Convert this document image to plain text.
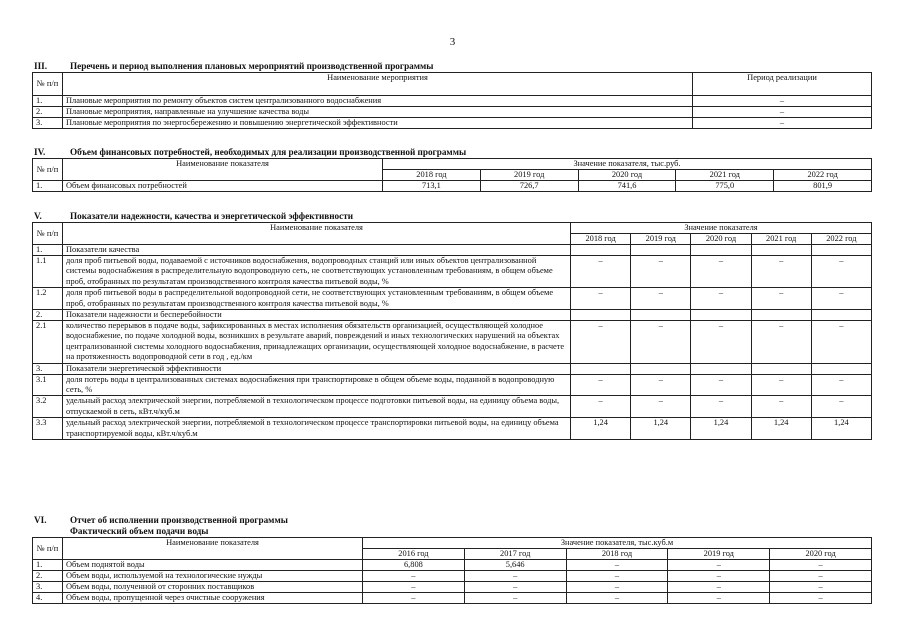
3
III. Перечень и период выполнения плановых мероприятий производственной программы
№ п/п	Наименование мероприятия	Период реализации
1.	Плановые мероприятия по ремонту объектов систем централизованного водоснабжения	–
2.	Плановые мероприятия, направленные на улучшение качества воды	–
3.	Плановые мероприятия по энергосбережению и повышению энергетической эффективности	–
IV.	Объем финансовых потребностей, необходимых для реализации производственной программы
№ п/п	Наименование показателя	Значение показателя, тыс.руб.				
		2018 год	2019 год	2020 год	2021 год	2022 год
1.	Объем финансовых потребностей	713,1	726,7	741,6	775,0	801,9
V.	Показатели надежности, качества и энергетической эффективности
№ п/п	Наименование показателя	Значение показателя				
		2018 год	2019 год	2020 год	2021 год	2022 год
1.	Показатели качества					
1.1	доля проб питьевой воды, подаваемой с источников водоснабжения, водопроводных станций или иных объектов централизованной системы водоснабжения в распределительную водопроводную сеть, не соответствующих установленным требованиям, в общем объеме проб, отобранных по результатам производственного контроля качества питьевой воды, %	–	–	–	–	–
1.2	доля проб питьевой воды в распределительной водопроводной сети, не соответствующих установленным требованиям, в общем объеме проб, отобранных по результатам производственного контроля качества питьевой воды, %	–	–	–	–	–
2.	Показатели надежности и бесперебойности					
2.1	количество перерывов в подаче воды, зафиксированных в местах исполнения обязательств организацией, осуществляющей холодное водоснабжение, по подаче холодной воды, возникших в результате аварий, повреждений и иных технологических нарушений на объектах централизованной системы холодного водоснабжения, принадлежащих организации, осуществляющей холодное водоснабжение, в расчете на протяженность водопроводной сети в год , ед./км	–	–	–	–	–
3.	Показатели энергетической эффективности					
3.1	доля потерь воды в централизованных системах водоснабжения при транспортировке в общем объеме воды, поданной в водопроводную сеть, %	–	–	–	–	–
3.2	удельный расход электрической энергии, потребляемой в технологическом процессе подготовки питьевой воды, на единицу объема воды, отпускаемой в сеть, кВт.ч/куб.м	–	–	–	–	–
3.3	удельный расход электрической энергии, потребляемой в технологическом процессе транспортировки питьевой воды, на единицу объема транспортируемой воды, кВт.ч/куб.м	1,24	1,24	1,24	1,24	1,24
VI.	Отчет об исполнении производственной программы
Фактический объем подачи воды
№ п/п	Наименование показателя	Значение показателя, тыс.куб.м				
		2016 год	2017 год	2018 год	2019 год	2020 год
1.	Объем поднятой воды	6,808	5,646	–	–	–
2.	Объем воды, используемой на технологические нужды	–	–	–	–	–
3.	Объем воды, полученной от сторонних поставщиков	–	–	–	–	–
4.	Объем воды, пропущенной через очистные сооружения	–	–	–	–	–
